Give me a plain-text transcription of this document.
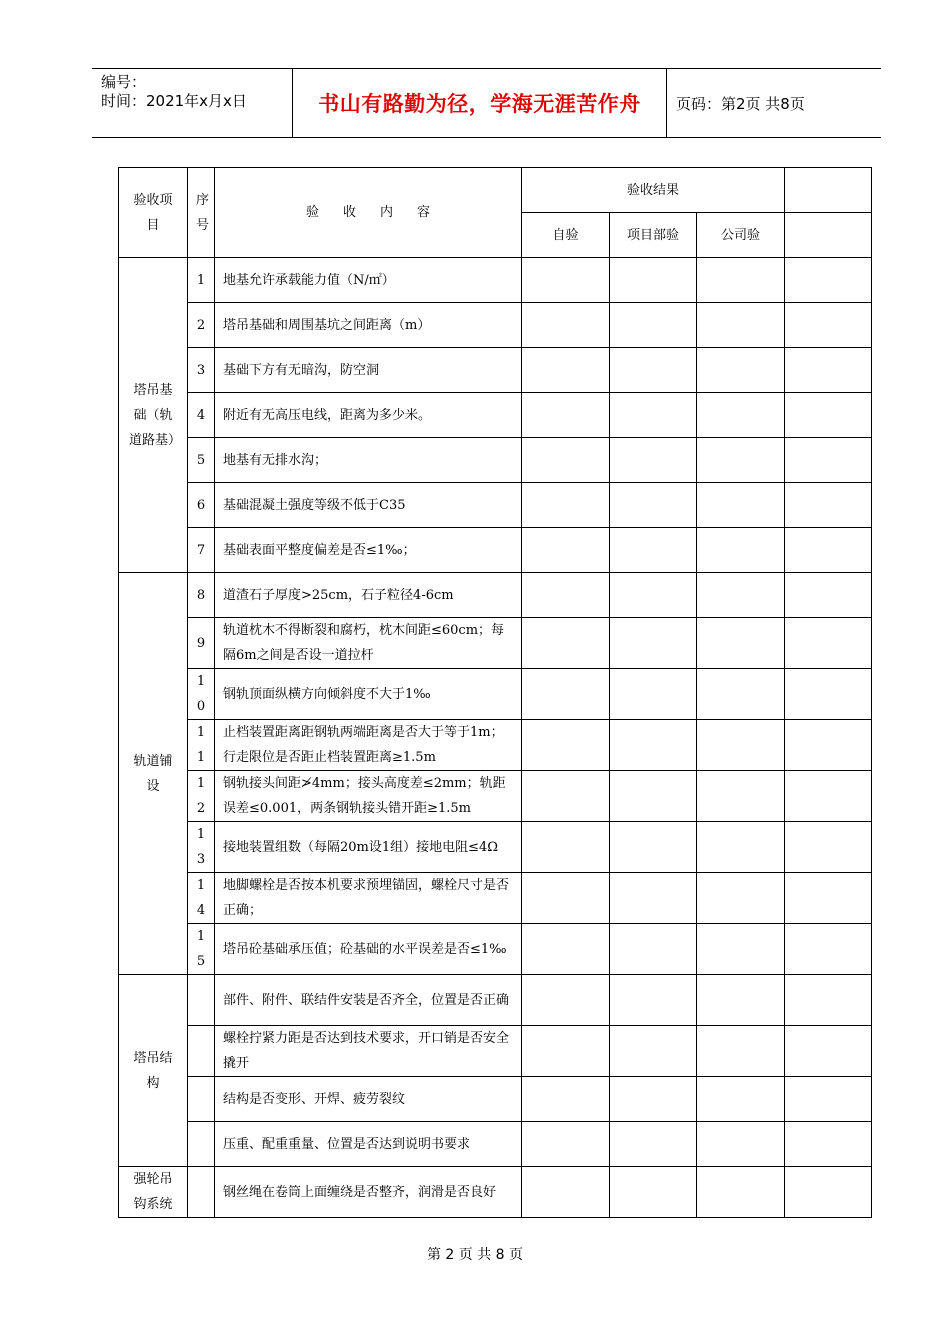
编号：
时间：2021年x月x日	书山有路勤为径，学海无涯苦作舟	页码：第2页 共8页
验收项目	序号	验 收 内 容	验收结果			
			自验	项目部验	公司验	
塔吊基础（轨道路基）	1	地基允许承载能力值（N/㎡）				

	2	塔吊基础和周围基坑之间距离（m）				

	3	基础下方有无暗沟，防空洞				

	4	附近有无高压电线，距离为多少米。				

	5	地基有无排水沟；				

	6	基础混凝土强度等级不低于C35				

	7	基础表面平整度偏差是否≤1‰；				
轨道铺设	8	道渣石子厚度>25cm，石子粒径4-6cm				

	9	轨道枕木不得断裂和腐朽，枕木间距≤60cm；每隔6m之间是否设一道拉杆				

	10	钢轨顶面纵横方向倾斜度不大于1‰				

	11	止档装置距离距钢轨两端距离是否大于等于1m；行走限位是否距止档装置距离≥1.5m				

	12	钢轨接头间距≯4mm；接头高度差≤2mm；轨距误差≤0.001，两条钢轨接头错开距≥1.5m				

	13	接地装置组数（每隔20m设1组）接地电阻≤4Ω				

	14	地脚螺栓是否按本机要求预埋锚固，螺栓尺寸是否正确；				

	15	塔吊砼基础承压值；砼基础的水平误差是否≤1‰				
塔吊结构		部件、附件、联结件安装是否齐全，位置是否正确				

		螺栓拧紧力距是否达到技术要求，开口销是否安全撬开				

		结构是否变形、开焊、疲劳裂纹				

		压重、配重重量、位置是否达到说明书要求				
强轮吊钩系统		钢丝绳在卷筒上面缠绕是否整齐，润滑是否良好				
第 2 页 共 8 页
